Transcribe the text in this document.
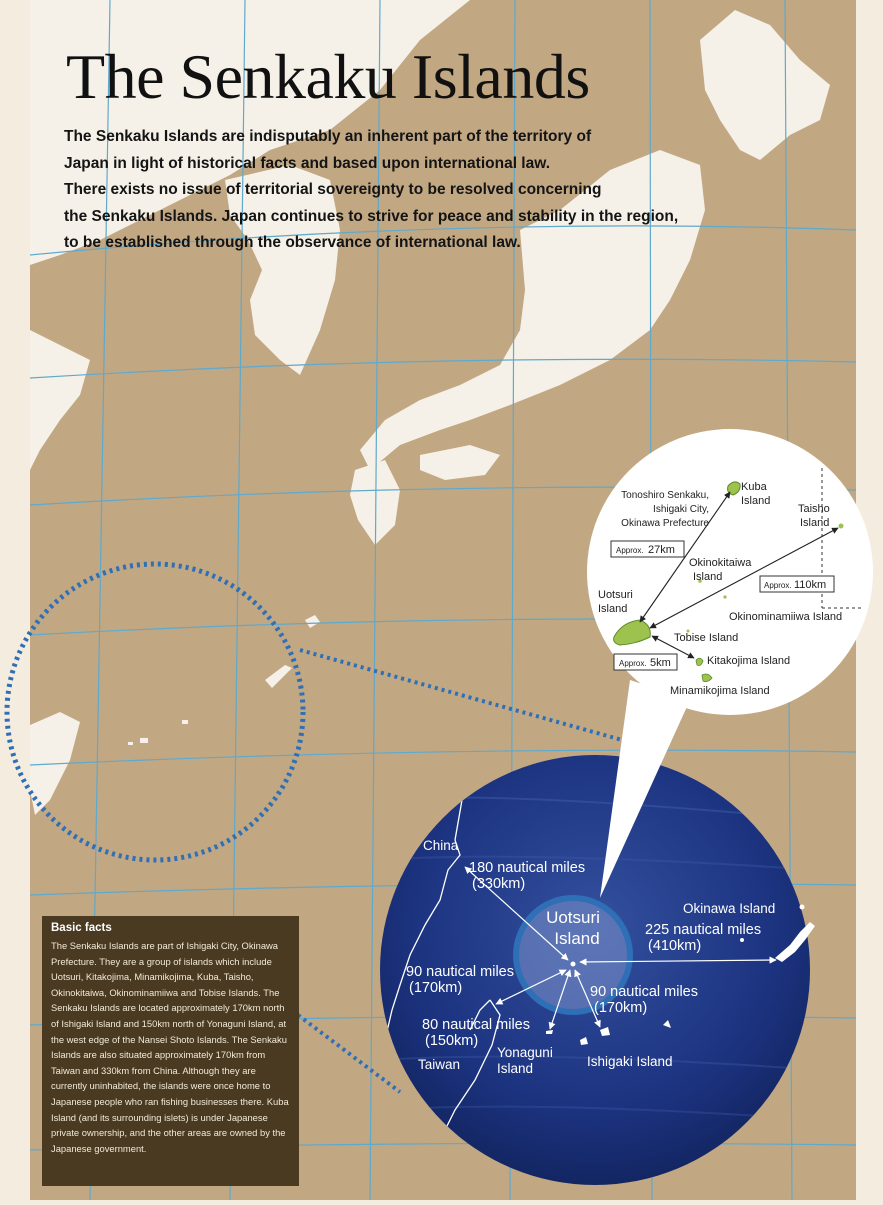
Uotsuri
Island
China
180 nautical miles
(330km)
Okinawa Island
225 nautical miles
(410km)
90 nautical miles
(170km)	90 nautical miles
(170km)
80 nautical miles
(150km)
Taiwan
Yonaguni
Island	Ishigaki Island
Approx. 27km
Approx. 110km
Approx. 5km
Tonoshiro Senkaku,
Ishigaki City,
Okinawa Prefecture
Kuba
Island
Taisho
Island
Okinokitaiwa
Island
Uotsuri
Island
Okinominamiiwa Island
Tobise Island
Kitakojima Island
Minamikojima Island
The Senkaku Islands
The Senkaku Islands are indisputably an inherent part of the territory of
Japan in light of historical facts and based upon international law.
There exists no issue of territorial sovereignty to be resolved concerning
the Senkaku Islands. Japan continues to strive for peace and stability in the region,
to be established through the observance of international law.
Basic facts
The Senkaku Islands are part of Ishigaki City, Okinawa Prefecture. They are a group of islands which include Uotsuri, Kitakojima, Minamikojima, Kuba, Taisho, Okinokitaiwa, Okinominamiiwa and Tobise Islands. The Senkaku Islands are located approximately 170km north of Ishigaki Island and 150km north of Yonaguni Island, at the west edge of the Nansei Shoto Islands. The Senkaku Islands are also situated approximately 170km from Taiwan and 330km from China. Although they are currently uninhabited, the islands were once home to Japanese people who ran fishing businesses there. Kuba Island (and its surrounding islets) is under Japanese private ownership, and the other areas are owned by the Japanese government.
